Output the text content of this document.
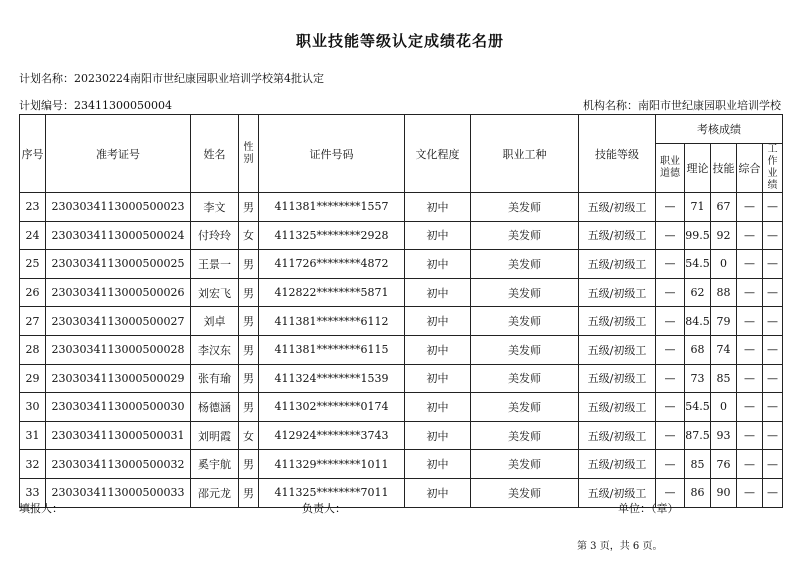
职业技能等级认定成绩花名册
计划名称：20230224南阳市世纪康园职业培训学校第4批认定
计划编号：23411300050004	机构名称：南阳市世纪康园职业培训学校
序号	准考证号	姓名	性别	证件号码	文化程度	职业工种	技能等级	考核成绩				
								职业道德	理论	技能	综合	工作业绩
23	2303034113000500023	李文	男	411381********1557	初中	美发师	五级/初级工	—	71	67	—	—
24	2303034113000500024	付玲玲	女	411325********2928	初中	美发师	五级/初级工	—	99.5	92	—	—
25	2303034113000500025	王景一	男	411726********4872	初中	美发师	五级/初级工	—	54.5	0	—	—
26	2303034113000500026	刘宏飞	男	412822********5871	初中	美发师	五级/初级工	—	62	88	—	—
27	2303034113000500027	刘卓	男	411381********6112	初中	美发师	五级/初级工	—	84.5	79	—	—
28	2303034113000500028	李汉东	男	411381********6115	初中	美发师	五级/初级工	—	68	74	—	—
29	2303034113000500029	张有瑜	男	411324********1539	初中	美发师	五级/初级工	—	73	85	—	—
30	2303034113000500030	杨德涵	男	411302********0174	初中	美发师	五级/初级工	—	54.5	0	—	—
31	2303034113000500031	刘明霞	女	412924********3743	初中	美发师	五级/初级工	—	87.5	93	—	—
32	2303034113000500032	奚宇航	男	411329********1011	初中	美发师	五级/初级工	—	85	76	—	—
33	2303034113000500033	邵元龙	男	411325********7011	初中	美发师	五级/初级工	—	86	90	—	—
填报人：	负责人：	单位：（章）
第 3 页，共 6 页。
